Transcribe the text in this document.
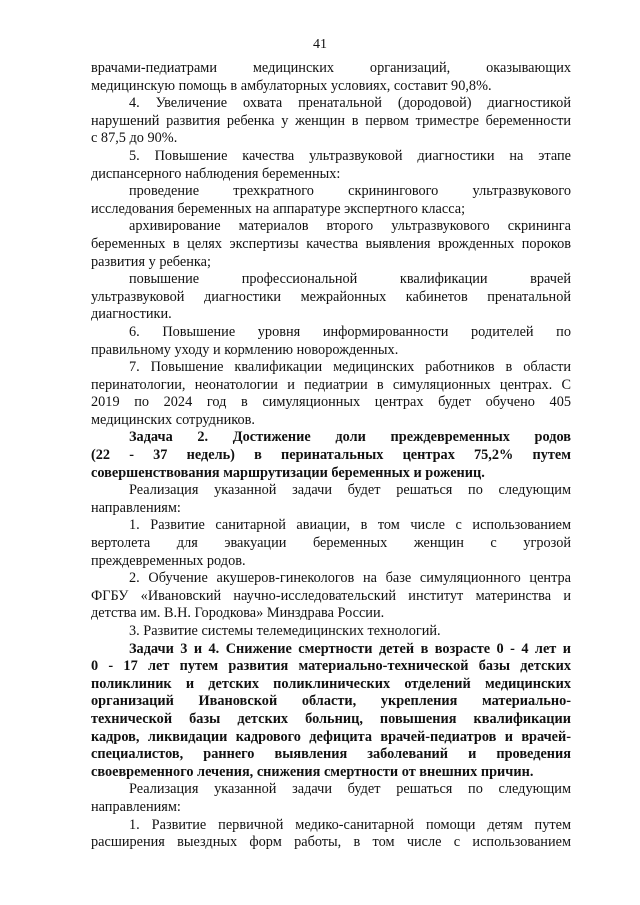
41
врачами-педиатрами медицинских организаций, оказывающих
медицинскую помощь в амбулаторных условиях, составит 90,8%.
4. Увеличение охвата пренатальной (дородовой) диагностикой
нарушений развития ребенка у женщин в первом триместре беременности
с 87,5 до 90%.
5. Повышение качества ультразвуковой диагностики на этапе
диспансерного наблюдения беременных:
проведение трехкратного скринингового ультразвукового
исследования беременных на аппаратуре экспертного класса;
архивирование материалов второго ультразвукового скрининга
беременных в целях экспертизы качества выявления врожденных пороков
развития у ребенка;
повышение профессиональной квалификации врачей
ультразвуковой диагностики межрайонных кабинетов пренатальной
диагностики.
6. Повышение уровня информированности родителей по
правильному уходу и кормлению новорожденных.
7. Повышение квалификации медицинских работников в области
перинатологии, неонатологии и педиатрии в симуляционных центрах. С
2019 по 2024 год в симуляционных центрах будет обучено 405
медицинских сотрудников.
Задача 2. Достижение доли преждевременных родов
(22 - 37 недель) в перинатальных центрах 75,2% путем
совершенствования маршрутизации беременных и рожениц.
Реализация указанной задачи будет решаться по следующим
направлениям:
1. Развитие санитарной авиации, в том числе с использованием
вертолета для эвакуации беременных женщин с угрозой
преждевременных родов.
2. Обучение акушеров-гинекологов на базе симуляционного центра
ФГБУ «Ивановский научно-исследовательский институт материнства и
детства им. В.Н. Городкова» Минздрава России.
3. Развитие системы телемедицинских технологий.
Задачи 3 и 4. Снижение смертности детей в возрасте 0 - 4 лет и
0 - 17 лет путем развития материально-технической базы детских
поликлиник и детских поликлинических отделений медицинских
организаций Ивановской области, укрепления материально-
технической базы детских больниц, повышения квалификации
кадров, ликвидации кадрового дефицита врачей-педиатров и врачей-
специалистов, раннего выявления заболеваний и проведения
своевременного лечения, снижения смертности от внешних причин.
Реализация указанной задачи будет решаться по следующим
направлениям:
1. Развитие первичной медико-санитарной помощи детям путем
расширения выездных форм работы, в том числе с использованием
